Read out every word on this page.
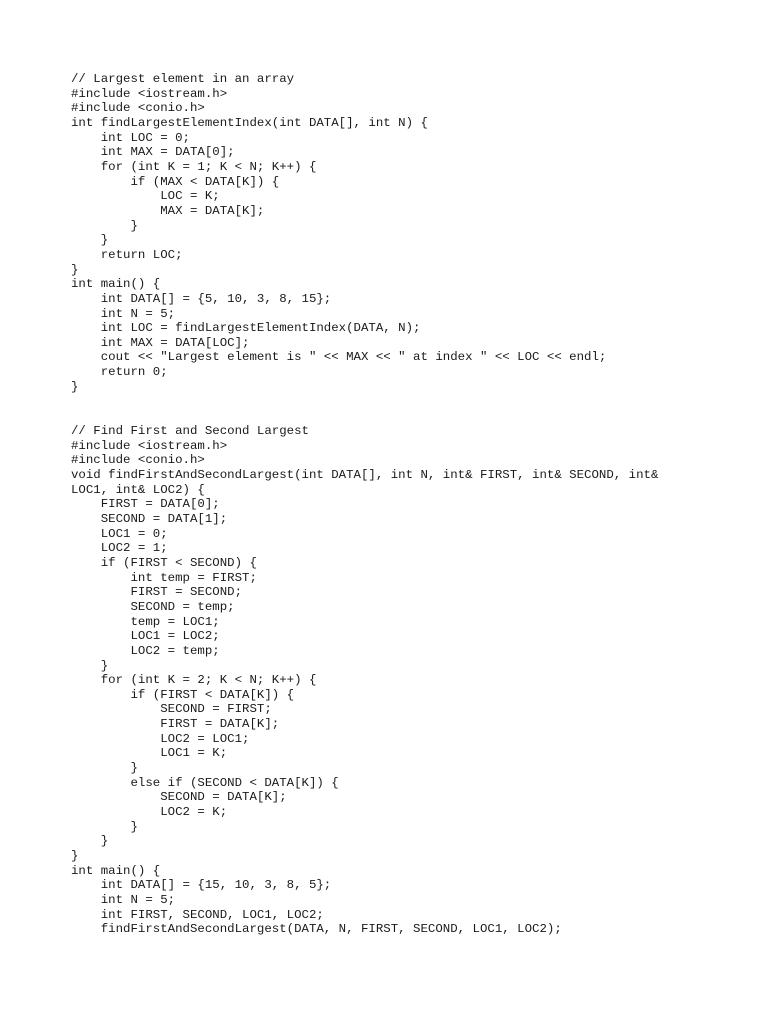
// Largest element in an array
#include <iostream.h>
#include <conio.h>
int findLargestElementIndex(int DATA[], int N) {
int LOC = 0;
int MAX = DATA[0];
for (int K = 1; K < N; K++) {
if (MAX < DATA[K]) {
LOC = K;
MAX = DATA[K];
}
}
return LOC;
}
int main() {
int DATA[] = {5, 10, 3, 8, 15};
int N = 5;
int LOC = findLargestElementIndex(DATA, N);
int MAX = DATA[LOC];
cout << "Largest element is " << MAX << " at index " << LOC << endl;
return 0;
}
// Find First and Second Largest
#include <iostream.h>
#include <conio.h>
void findFirstAndSecondLargest(int DATA[], int N, int& FIRST, int& SECOND, int&
LOC1, int& LOC2) {
FIRST = DATA[0];
SECOND = DATA[1];
LOC1 = 0;
LOC2 = 1;
if (FIRST < SECOND) {
int temp = FIRST;
FIRST = SECOND;
SECOND = temp;
temp = LOC1;
LOC1 = LOC2;
LOC2 = temp;
}
for (int K = 2; K < N; K++) {
if (FIRST < DATA[K]) {
SECOND = FIRST;
FIRST = DATA[K];
LOC2 = LOC1;
LOC1 = K;
}
else if (SECOND < DATA[K]) {
SECOND = DATA[K];
LOC2 = K;
}
}
}
int main() {
int DATA[] = {15, 10, 3, 8, 5};
int N = 5;
int FIRST, SECOND, LOC1, LOC2;
findFirstAndSecondLargest(DATA, N, FIRST, SECOND, LOC1, LOC2);
